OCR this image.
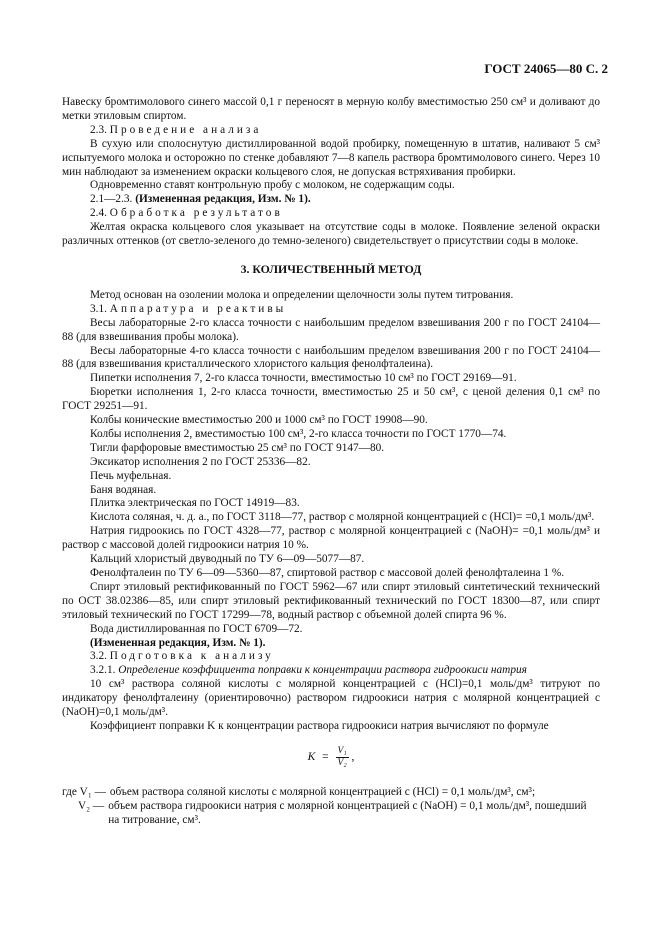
ГОСТ 24065—80 С. 2

Навеску бромтимолового синего массой 0,1 г переносят в мерную колбу вместимостью 250 см³ и доливают до метки этиловым спиртом.

2.3. Проведение анализа

В сухую или сполоснутую дистиллированной водой пробирку, помещенную в штатив, наливают 5 см³ испытуемого молока и осторожно по стенке добавляют 7—8 капель раствора бромтимолового синего. Через 10 мин наблюдают за изменением окраски кольцевого слоя, не допуская встряхивания пробирки.

Одновременно ставят контрольную пробу с молоком, не содержащим соды.

2.1—2.3. (Измененная редакция, Изм. № 1).

2.4. Обработка результатов

Желтая окраска кольцевого слоя указывает на отсутствие соды в молоке. Появление зеленой окраски различных оттенков (от светло-зеленого до темно-зеленого) свидетельствует о присутствии соды в молоке.

3. КОЛИЧЕСТВЕННЫЙ МЕТОД

Метод основан на озолении молока и определении щелочности золы путем титрования.

3.1. Аппаратура и реактивы

Весы лабораторные 2-го класса точности с наибольшим пределом взвешивания 200 г по ГОСТ 24104—88 (для взвешивания пробы молока).

Весы лабораторные 4-го класса точности с наибольшим пределом взвешивания 200 г по ГОСТ 24104—88 (для взвешивания кристаллического хлористого кальция фенолфталеина).

Пипетки исполнения 7, 2-го класса точности, вместимостью 10 см³ по ГОСТ 29169—91.

Бюретки исполнения 1, 2-го класса точности, вместимостью 25 и 50 см³, с ценой деления 0,1 см³ по ГОСТ 29251—91.

Колбы конические вместимостью 200 и 1000 см³ по ГОСТ 19908—90.

Колбы исполнения 2, вместимостью 100 см³, 2-го класса точности по ГОСТ 1770—74.

Тигли фарфоровые вместимостью 25 см³ по ГОСТ 9147—80.

Эксикатор исполнения 2 по ГОСТ 25336—82.

Печь муфельная.

Баня водяная.

Плитка электрическая по ГОСТ 14919—83.

Кислота соляная, ч. д. а., по ГОСТ 3118—77, раствор с молярной концентрацией с (HCl)= =0,1 моль/дм³.

Натрия гидроокись по ГОСТ 4328—77, раствор с молярной концентрацией с (NaOH)= =0,1 моль/дм³ и раствор с массовой долей гидроокиси натрия 10 %.

Кальций хлористый двуводный по ТУ 6—09—5077—87.

Фенолфталеин по ТУ 6—09—5360—87, спиртовой раствор с массовой долей фенолфталеина 1 %.

Спирт этиловый ректификованный по ГОСТ 5962—67 или спирт этиловый синтетический технический по ОСТ 38.02386—85, или спирт этиловый ректификованный технический по ГОСТ 18300—87, или спирт этиловый технический по ГОСТ 17299—78, водный раствор с объемной долей спирта 96 %.

Вода дистиллированная по ГОСТ 6709—72.

(Измененная редакция, Изм. № 1).

3.2. Подготовка к анализу

3.2.1. Определение коэффициента поправки к концентрации раствора гидроокиси натрия

10 см³ раствора соляной кислоты с молярной концентрацией с (HCl)=0,1 моль/дм³ титруют по индикатору фенолфталеину (ориентировочно) раствором гидроокиси натрия с молярной концентрацией с (NaOH)=0,1 моль/дм³.

Коэффициент поправки K к концентрации раствора гидроокиси натрия вычисляют по формуле

$K = \frac{\text{V₁}}{\text{V₂}}$ ,
где V₁ — объем раствора соляной кислоты с молярной концентрацией с (HCl) = 0,1 моль/дм³, см³;
V₂ — объем раствора гидроокиси натрия с молярной концентрацией с (NaOH) = 0,1 моль/дм³, пошедший на титрование, см³.
